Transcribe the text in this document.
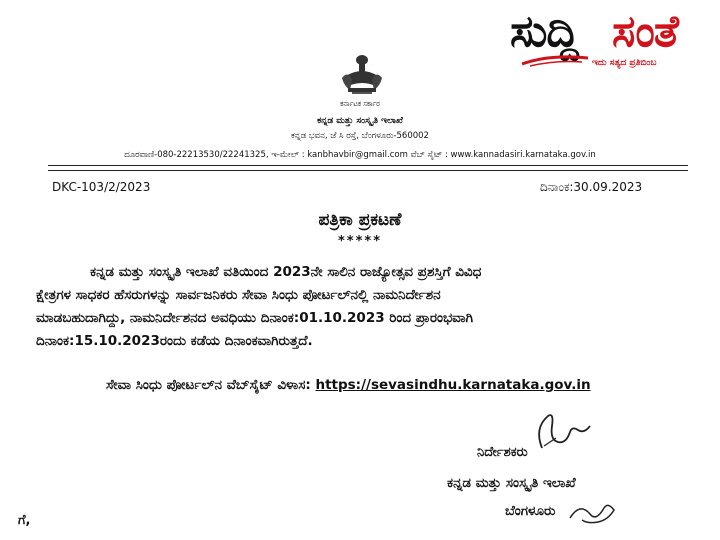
ಸುದ್ದಿ ಸಂತೆ
ಇದು ಸತ್ಯದ ಪ್ರತಿಬಿಂಬ
ಕರ್ನಾಟಕ ಸರ್ಕಾರ
ಕನ್ನಡ ಮತ್ತು ಸಂಸ್ಕೃತಿ ಇಲಾಖೆ
ಕನ್ನಡ ಭವನ, ಜೆ ಸಿ ರಸ್ತೆ, ಬೆಂಗಳೂರು-560002
ದೂರವಾಣಿ-080-22213530/22241325, ಇ-ಮೇಲ್ : kanbhavbir@gmail.com ವೆಬ್ ಸೈಟ್ : www.kannadasiri.karnataka.gov.in
DKC-103/2/2023	ದಿನಾಂಕ:30.09.2023
ಪತ್ರಿಕಾ ಪ್ರಕಟಣೆ
*****
ಕನ್ನಡ ಮತ್ತು ಸಂಸ್ಕೃತಿ ಇಲಾಖೆ ವತಿಯಿಂದ 2023ನೇ ಸಾಲಿನ ರಾಜ್ಯೋತ್ಸವ ಪ್ರಶಸ್ತಿಗೆ ವಿವಿಧ
ಕ್ಷೇತ್ರಗಳ ಸಾಧಕರ ಹೆಸರುಗಳನ್ನು ಸಾರ್ವಜನಿಕರು ಸೇವಾ ಸಿಂಧು ಪೋರ್ಟಲ್‌ನಲ್ಲಿ ನಾಮನಿರ್ದೇಶನ
ಮಾಡಬಹುದಾಗಿದ್ದು, ನಾಮನಿರ್ದೇಶನದ ಅವಧಿಯು ದಿನಾಂಕ:01.10.2023 ರಿಂದ ಪ್ರಾರಂಭವಾಗಿ
ದಿನಾಂಕ:15.10.2023ರಂದು ಕಡೆಯ ದಿನಾಂಕವಾಗಿರುತ್ತದೆ.
ಸೇವಾ ಸಿಂಧು ಪೋರ್ಟಲ್‌ನ ವೆಬ್‌ಸೈಟ್ ವಿಳಾಸ: https://sevasindhu.karnataka.gov.in
ನಿರ್ದೇಶಕರು
ಕನ್ನಡ ಮತ್ತು ಸಂಸ್ಕೃತಿ ಇಲಾಖೆ
ಬೆಂಗಳೂರು
ಗೆ,
